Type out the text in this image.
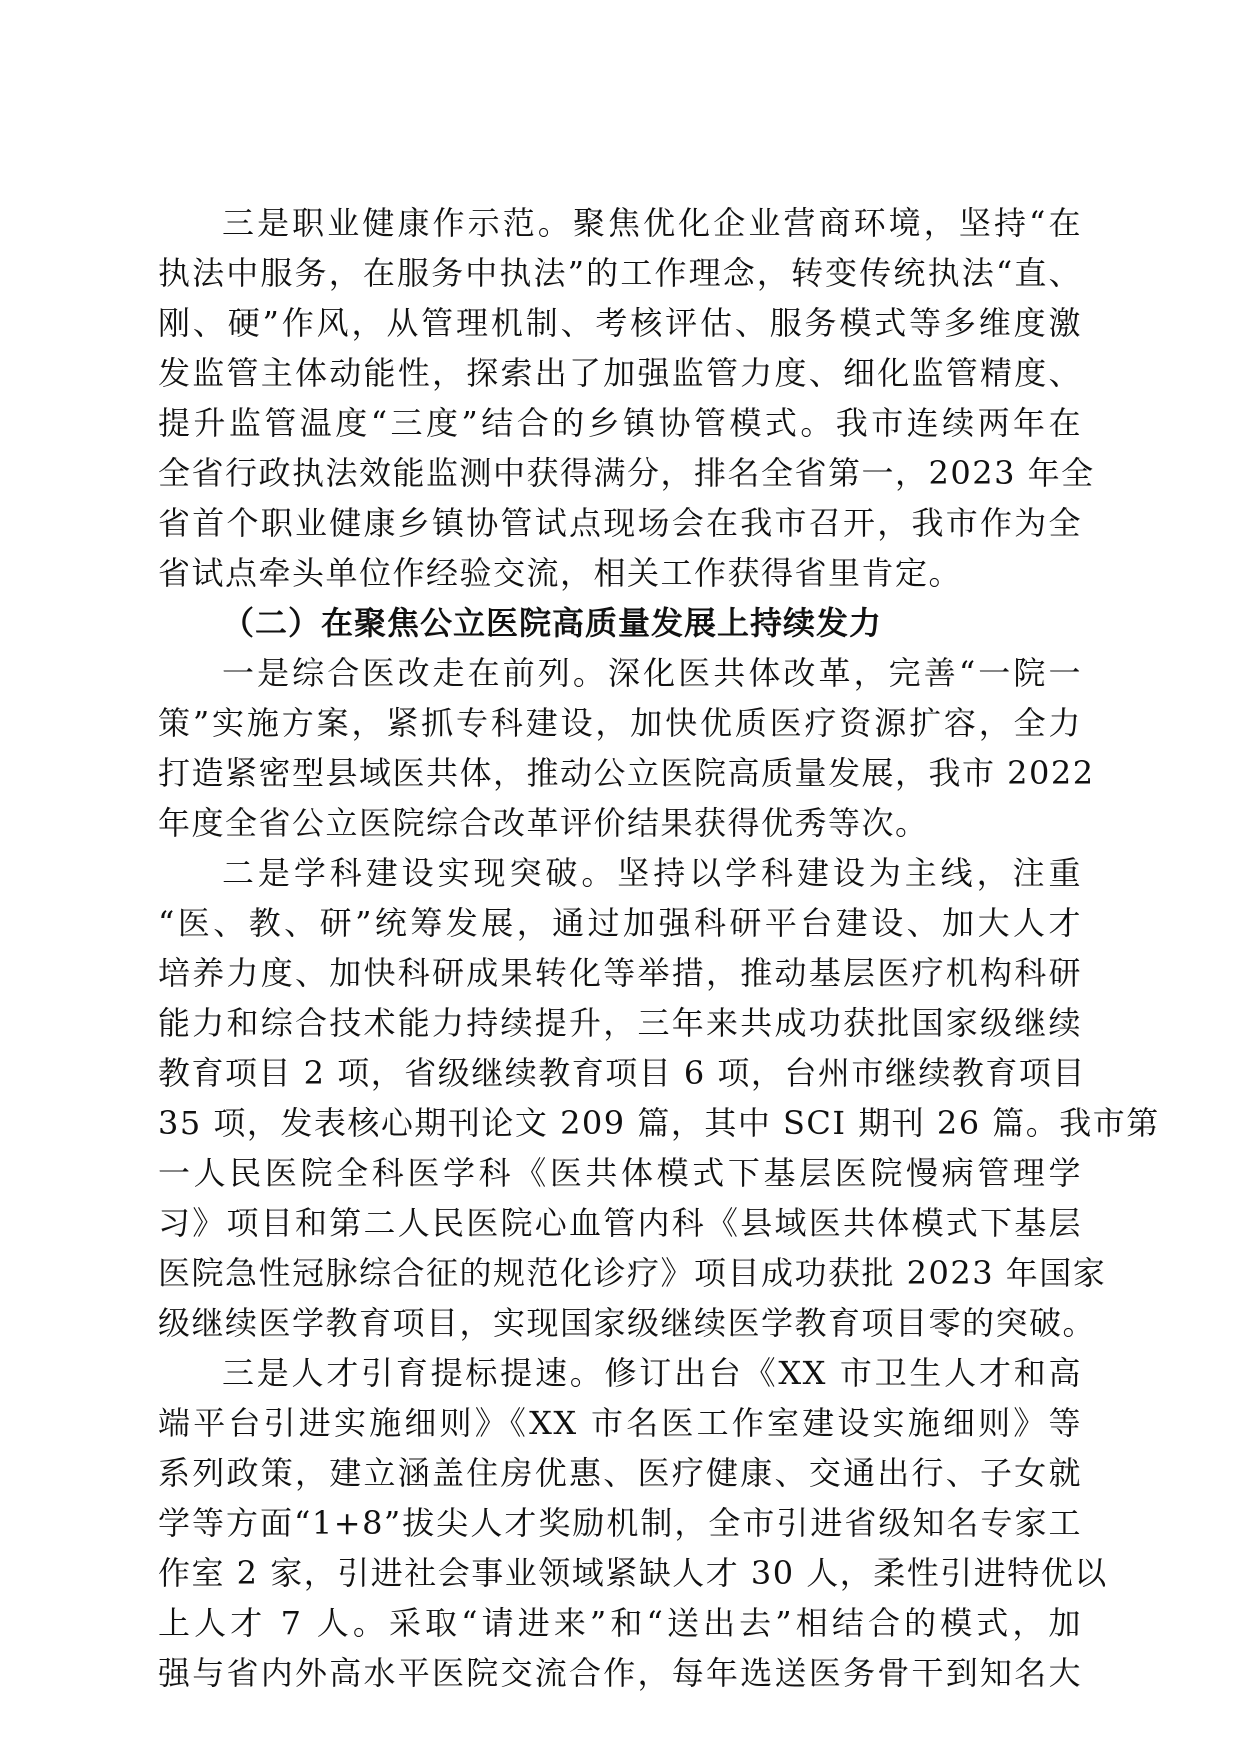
三是职业健康作示范。聚焦优化企业营商环境，坚持“在
执法中服务，在服务中执法”的工作理念，转变传统执法“直、
刚、硬”作风，从管理机制、考核评估、服务模式等多维度激
发监管主体动能性，探索出了加强监管力度、细化监管精度、
提升监管温度“三度”结合的乡镇协管模式。我市连续两年在
全省行政执法效能监测中获得满分，排名全省第一，2023 年全
省首个职业健康乡镇协管试点现场会在我市召开，我市作为全
省试点牵头单位作经验交流，相关工作获得省里肯定。
（二）在聚焦公立医院高质量发展上持续发力
一是综合医改走在前列。深化医共体改革，完善“一院一
策”实施方案，紧抓专科建设，加快优质医疗资源扩容，全力
打造紧密型县域医共体，推动公立医院高质量发展，我市 2022
年度全省公立医院综合改革评价结果获得优秀等次。
二是学科建设实现突破。坚持以学科建设为主线，注重
“医、教、研”统筹发展，通过加强科研平台建设、加大人才
培养力度、加快科研成果转化等举措，推动基层医疗机构科研
能力和综合技术能力持续提升，三年来共成功获批国家级继续
教育项目 2 项，省级继续教育项目 6 项，台州市继续教育项目
35 项，发表核心期刊论文 209 篇，其中 SCI 期刊 26 篇。我市第
一人民医院全科医学科《医共体模式下基层医院慢病管理学
习》项目和第二人民医院心血管内科《县域医共体模式下基层
医院急性冠脉综合征的规范化诊疗》项目成功获批 2023 年国家
级继续医学教育项目，实现国家级继续医学教育项目零的突破。
三是人才引育提标提速。修订出台《XX 市卫生人才和高
端平台引进实施细则》《XX 市名医工作室建设实施细则》等
系列政策，建立涵盖住房优惠、医疗健康、交通出行、子女就
学等方面“1+8”拔尖人才奖励机制，全市引进省级知名专家工
作室 2 家，引进社会事业领域紧缺人才 30 人，柔性引进特优以
上人才 7 人。采取“请进来”和“送出去”相结合的模式，加
强与省内外高水平医院交流合作，每年选送医务骨干到知名大
